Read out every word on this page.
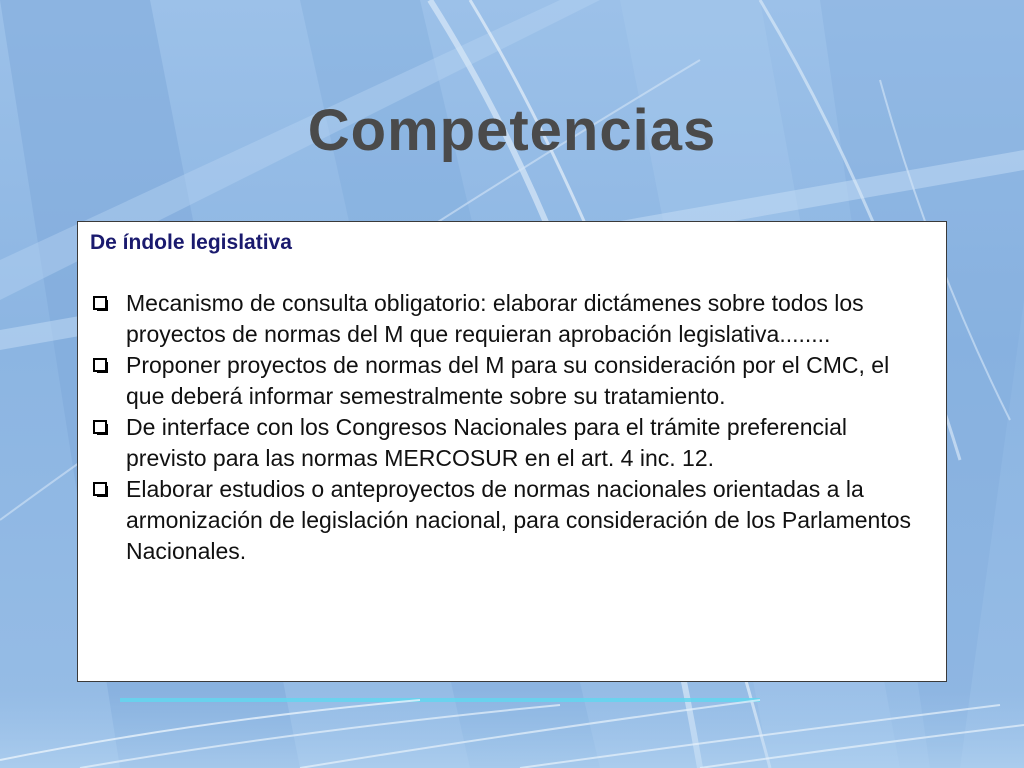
Competencias
De índole legislativa
Mecanismo de consulta obligatorio: elaborar dictámenes sobre todos los proyectos de normas del M que requieran aprobación legislativa........
Proponer proyectos de normas del M para su consideración por el CMC, el que deberá informar semestralmente sobre su tratamiento.
De interface con los Congresos Nacionales para el trámite preferencial previsto para las normas MERCOSUR en el art. 4 inc. 12.
Elaborar estudios o anteproyectos de normas nacionales orientadas a la armonización de legislación nacional, para consideración de los Parlamentos Nacionales.
